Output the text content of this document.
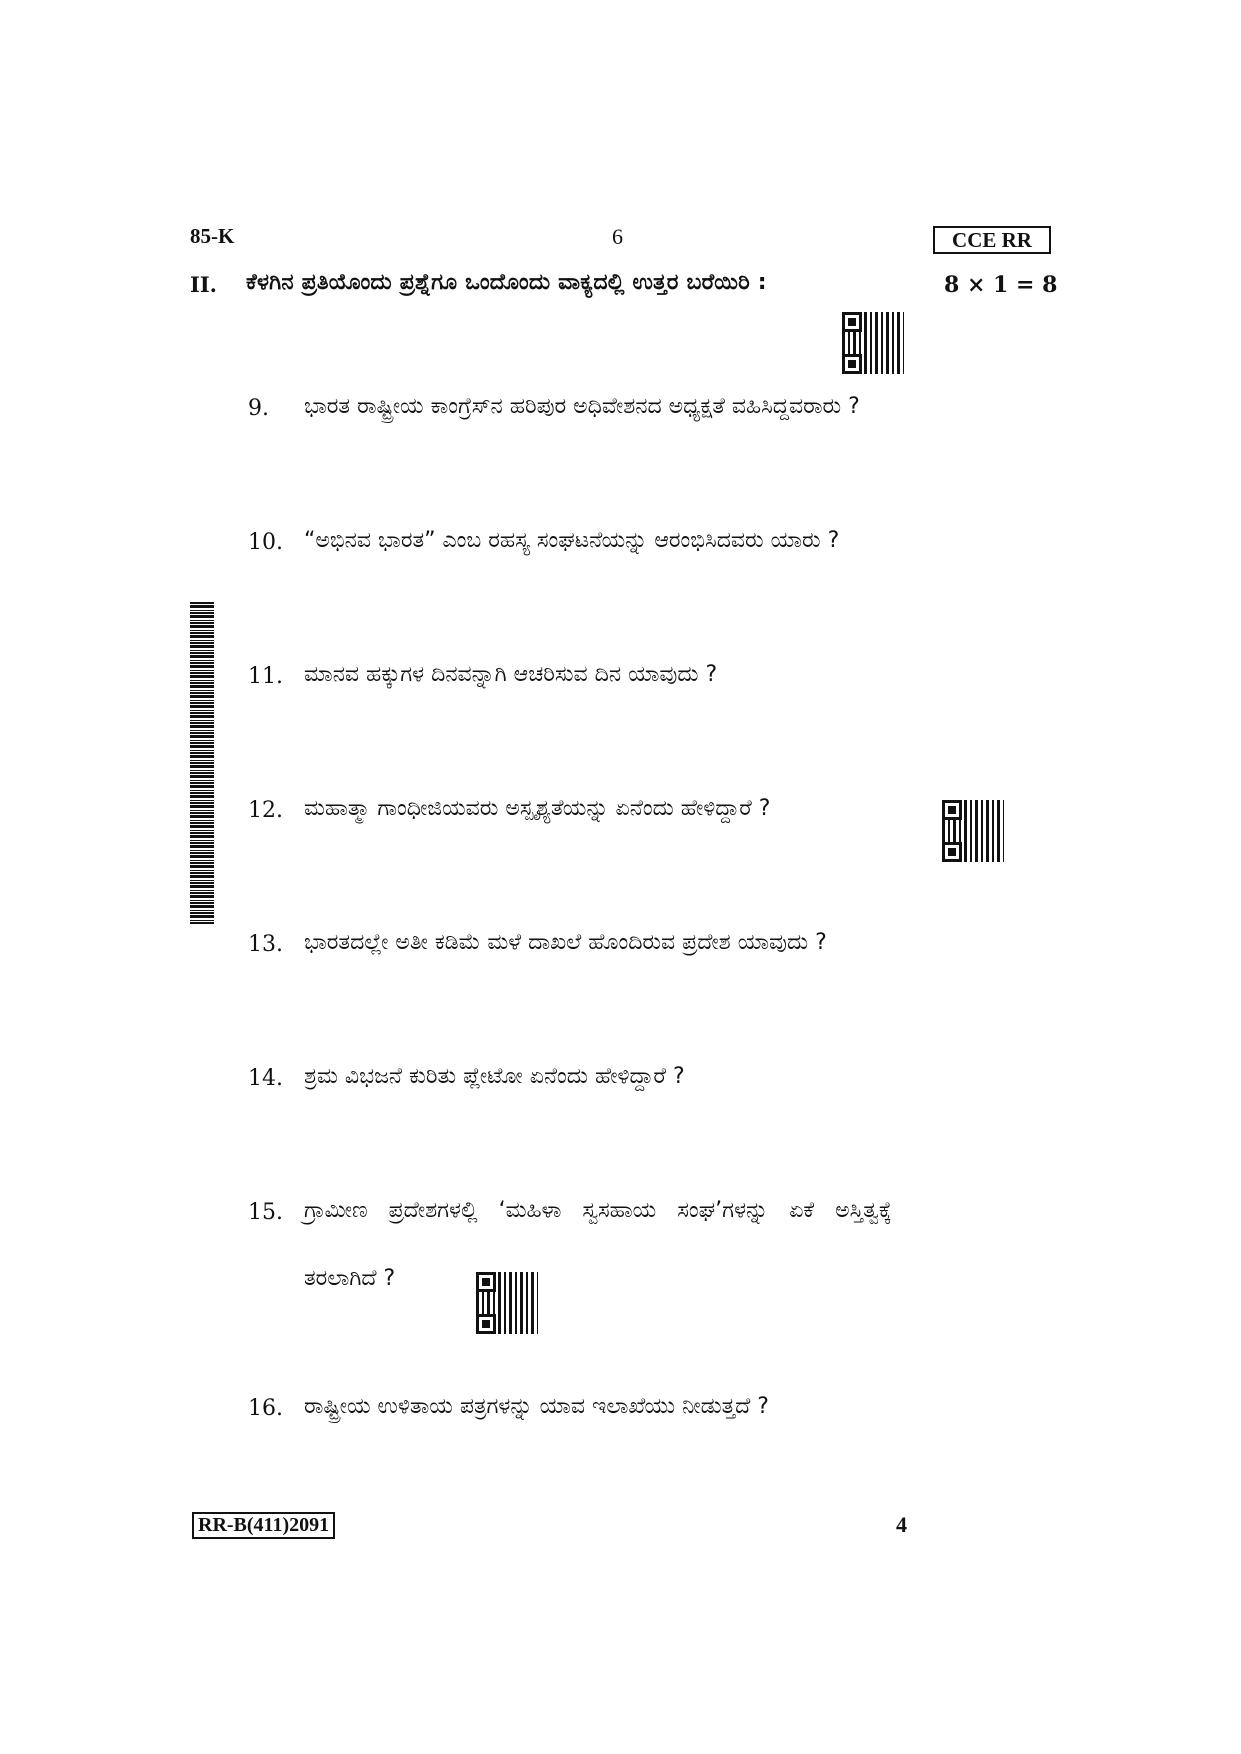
85-K	6	CCE RR
II. ಕೆಳಗಿನ ಪ್ರತಿಯೊಂದು ಪ್ರಶ್ನೆಗೂ ಒಂದೊಂದು ವಾಕ್ಯದಲ್ಲಿ ಉತ್ತರ ಬರೆಯಿರಿ :	8 × 1 = 8
9. ಭಾರತ ರಾಷ್ಟ್ರೀಯ ಕಾಂಗ್ರೆಸ್‌ನ ಹರಿಪುರ ಅಧಿವೇಶನದ ಅಧ್ಯಕ್ಷತೆ ವಹಿಸಿದ್ದವರಾರು ?
10. “ಅಭಿನವ ಭಾರತ” ಎಂಬ ರಹಸ್ಯ ಸಂಘಟನೆಯನ್ನು ಆರಂಭಿಸಿದವರು ಯಾರು ?
11. ಮಾನವ ಹಕ್ಕುಗಳ ದಿನವನ್ನಾಗಿ ಆಚರಿಸುವ ದಿನ ಯಾವುದು ?
12. ಮಹಾತ್ಮಾ ಗಾಂಧೀಜಿಯವರು ಅಸ್ಪೃಶ್ಯತೆಯನ್ನು ಏನೆಂದು ಹೇಳಿದ್ದಾರೆ ?
13. ಭಾರತದಲ್ಲೇ ಅತೀ ಕಡಿಮೆ ಮಳೆ ದಾಖಲೆ ಹೊಂದಿರುವ ಪ್ರದೇಶ ಯಾವುದು ?
14. ಶ್ರಮ ವಿಭಜನೆ ಕುರಿತು ಪ್ಲೇಟೋ ಏನೆಂದು ಹೇಳಿದ್ದಾರೆ ?
15. ಗ್ರಾಮೀಣ ಪ್ರದೇಶಗಳಲ್ಲಿ ‘ಮಹಿಳಾ ಸ್ವಸಹಾಯ ಸಂಘ’ಗಳನ್ನು ಏಕೆ ಅಸ್ತಿತ್ವಕ್ಕೆ
ತರಲಾಗಿದೆ ?
16. ರಾಷ್ಟ್ರೀಯ ಉಳಿತಾಯ ಪತ್ರಗಳನ್ನು ಯಾವ ಇಲಾಖೆಯು ನೀಡುತ್ತದೆ ?
RR-B(411)2091	4
